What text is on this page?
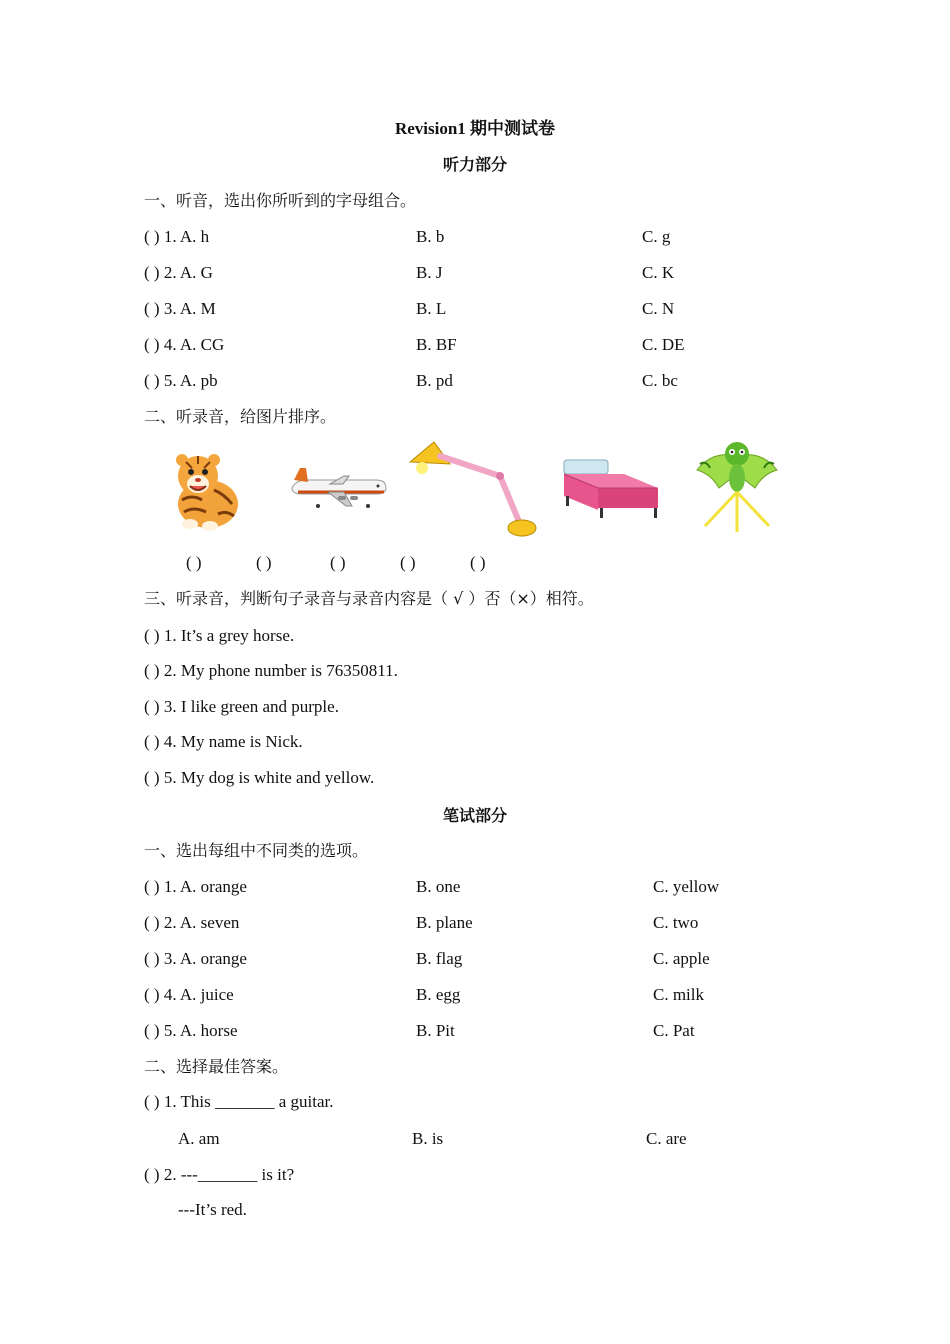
Revision1 期中测试卷
听力部分
一、听音，选出你所听到的字母组合。
( ) 1. A. h	B. b	C. g
( ) 2. A. G	B. J	C. K
( ) 3. A. M	B. L	C. N
( ) 4. A. CG	B. BF	C. DE
( ) 5. A. pb	B. pd	C. bc
二、听录音，给图片排序。
( )	( )	( )	( )	( )
三、听录音，判断句子录音与录音内容是（ √ ）否（×）相符。
( ) 1. It’s a grey horse.
( ) 2. My phone number is 76350811.
( ) 3. I like green and purple.
( ) 4. My name is Nick.
( ) 5. My dog is white and yellow.
笔试部分
一、选出每组中不同类的选项。
( ) 1. A. orange	B. one	C. yellow
( ) 2. A. seven	B. plane	C. two
( ) 3. A. orange	B. flag	C. apple
( ) 4. A. juice	B. egg	C. milk
( ) 5. A. horse	B. Pit	C. Pat
二、选择最佳答案。
( ) 1. This _______ a guitar.
A. am	B. is	C. are
( ) 2. ---_______ is it?
---It’s red.
